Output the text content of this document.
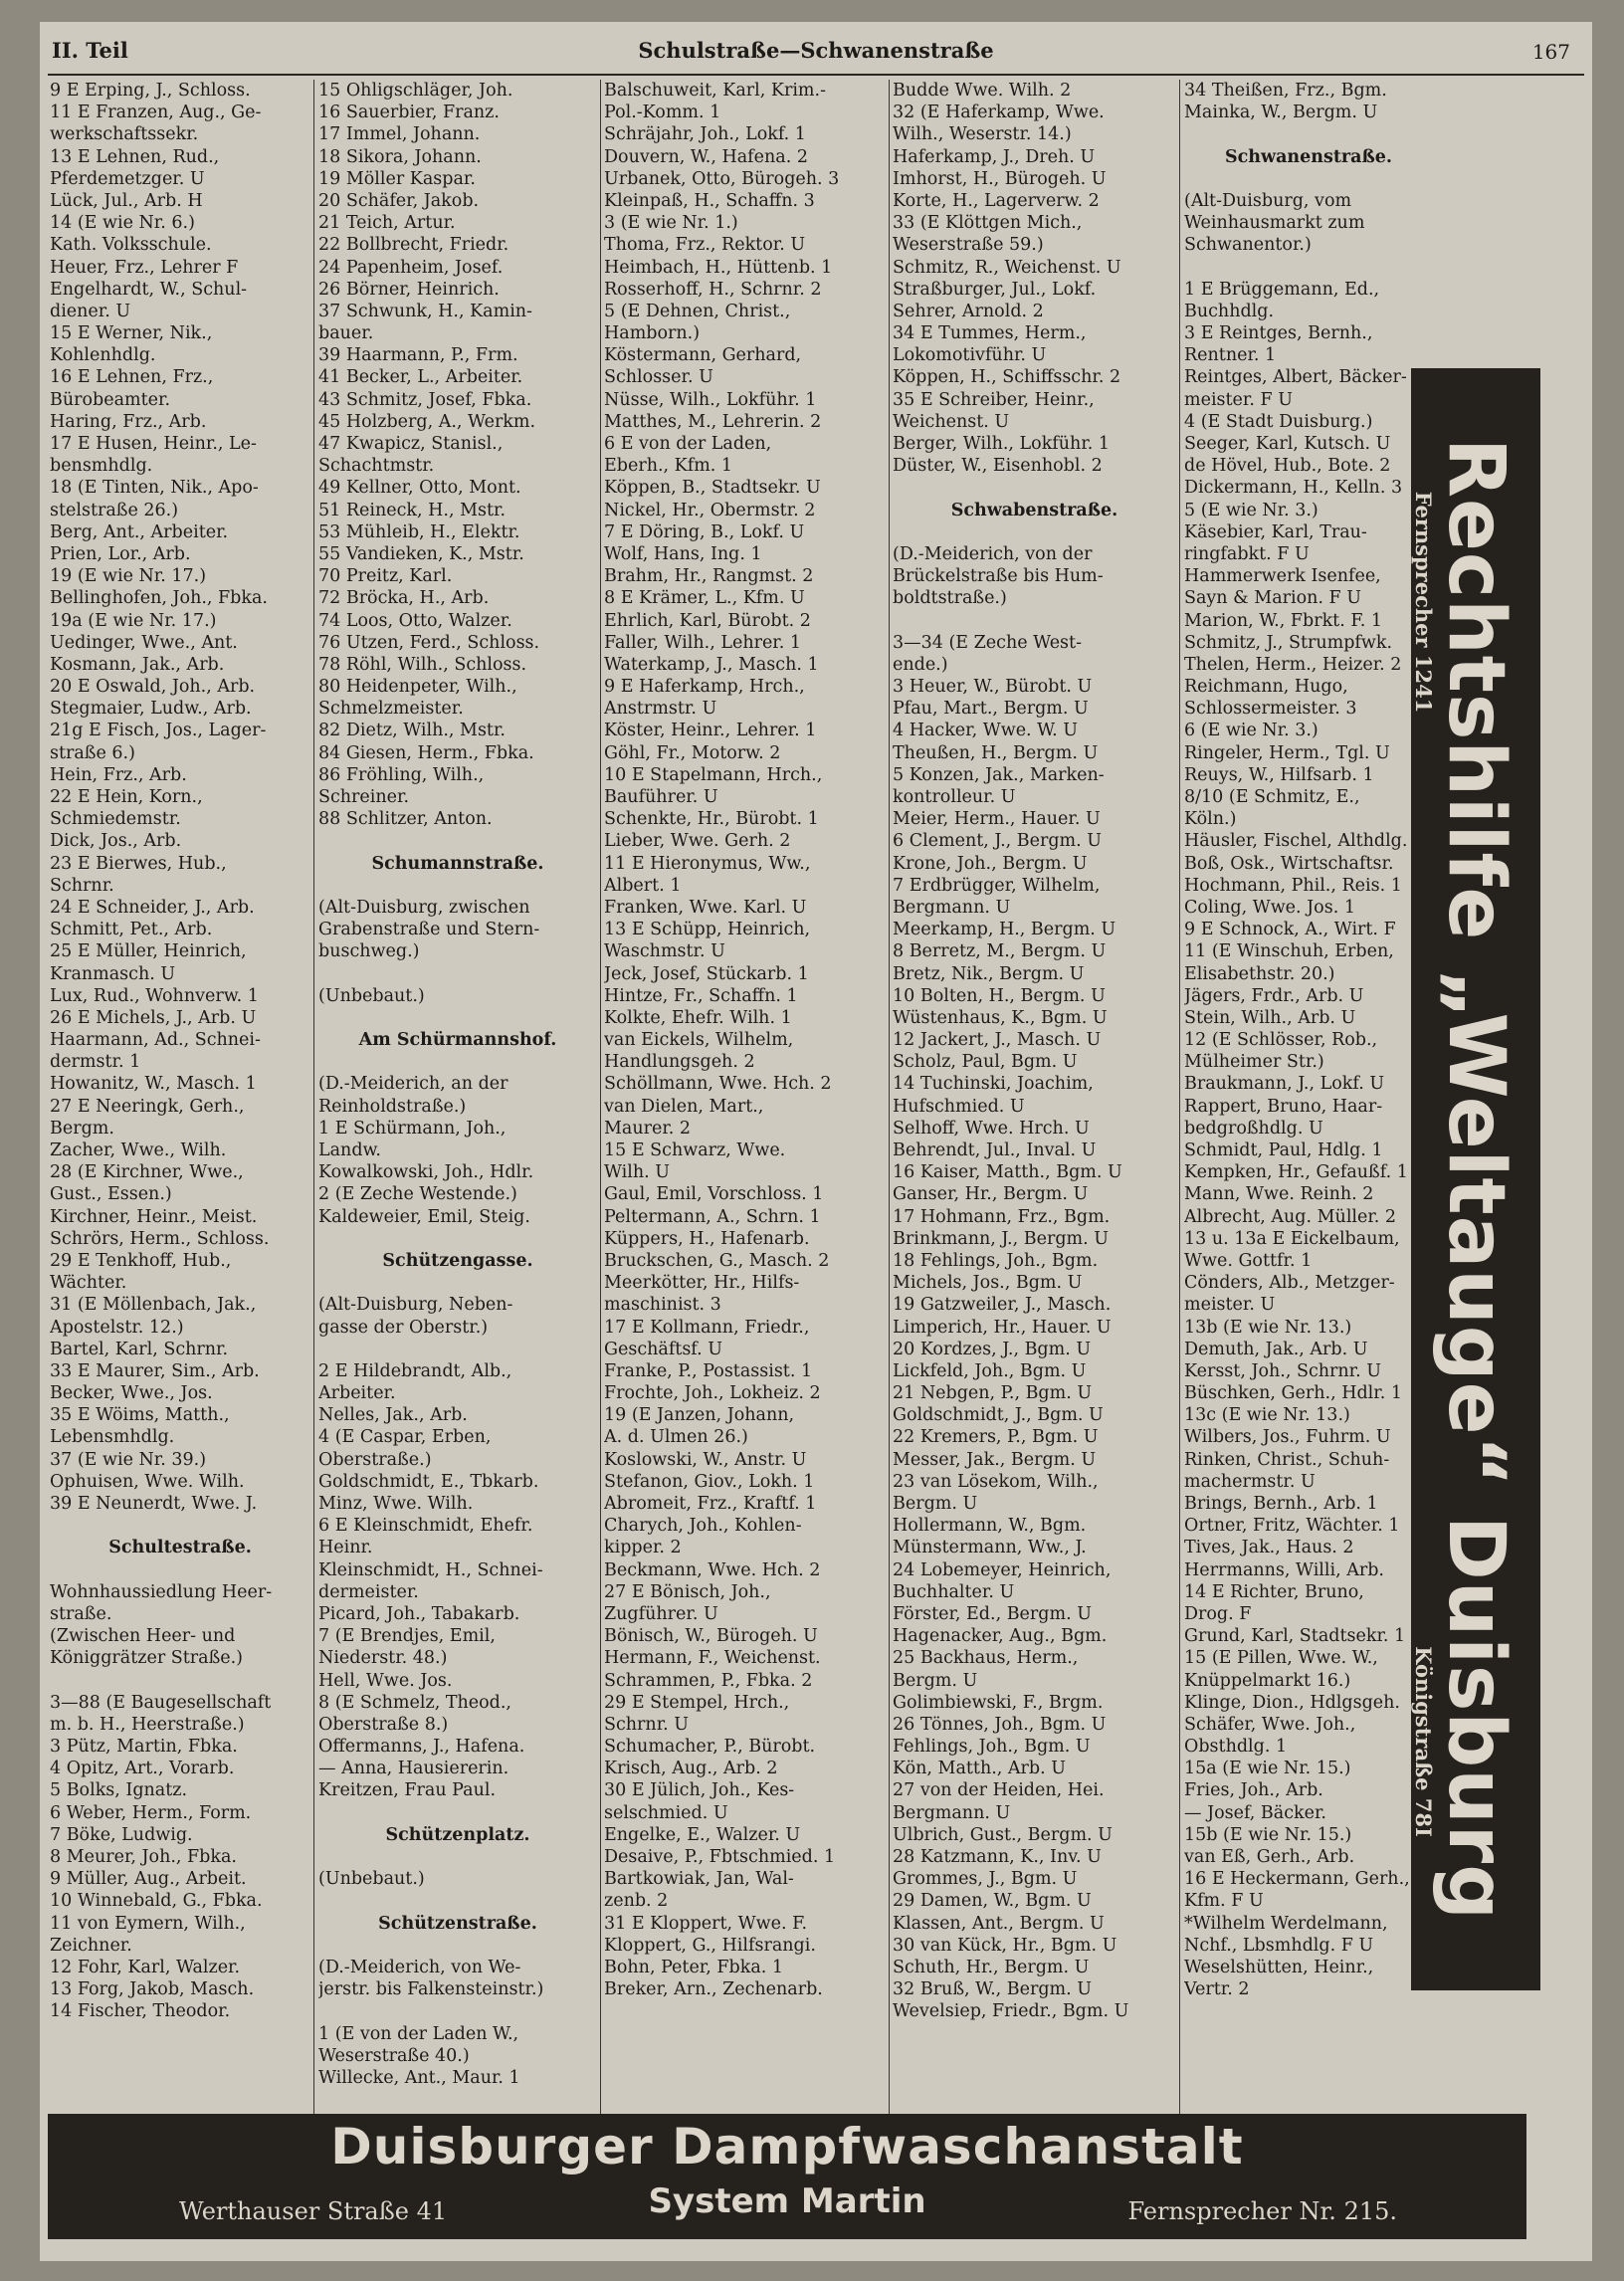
II. Teil	Schulstraße—Schwanenstraße	167
9 E Erping, J., Schloss.
11 E Franzen, Aug., Ge-
werkschaftssekr.
13 E Lehnen, Rud.,
Pferdemetzger. U
Lück, Jul., Arb. H
14 (E wie Nr. 6.)
Kath. Volksschule.
Heuer, Frz., Lehrer F
Engelhardt, W., Schul-
diener. U
15 E Werner, Nik.,
Kohlenhdlg.
16 E Lehnen, Frz.,
Bürobeamter.
Haring, Frz., Arb.
17 E Husen, Heinr., Le-
bensmhdlg.
18 (E Tinten, Nik., Apo-
stelstraße 26.)
Berg, Ant., Arbeiter.
Prien, Lor., Arb.
19 (E wie Nr. 17.)
Bellinghofen, Joh., Fbka.
19a (E wie Nr. 17.)
Uedinger, Wwe., Ant.
Kosmann, Jak., Arb.
20 E Oswald, Joh., Arb.
Stegmaier, Ludw., Arb.
21g E Fisch, Jos., Lager-
straße 6.)
Hein, Frz., Arb.
22 E Hein, Korn.,
Schmiedemstr.
Dick, Jos., Arb.
23 E Bierwes, Hub.,
Schrnr.
24 E Schneider, J., Arb.
Schmitt, Pet., Arb.
25 E Müller, Heinrich,
Kranmasch. U
Lux, Rud., Wohnverw. 1
26 E Michels, J., Arb. U
Haarmann, Ad., Schnei-
dermstr. 1
Howanitz, W., Masch. 1
27 E Neeringk, Gerh.,
Bergm.
Zacher, Wwe., Wilh.
28 (E Kirchner, Wwe.,
Gust., Essen.)
Kirchner, Heinr., Meist.
Schrörs, Herm., Schloss.
29 E Tenkhoff, Hub.,
Wächter.
31 (E Möllenbach, Jak.,
Apostelstr. 12.)
Bartel, Karl, Schrnr.
33 E Maurer, Sim., Arb.
Becker, Wwe., Jos.
35 E Wöims, Matth.,
Lebensmhdlg.
37 (E wie Nr. 39.)
Ophuisen, Wwe. Wilh.
39 E Neunerdt, Wwe. J.
Schultestraße.
Wohnhaussiedlung Heer-
straße.
(Zwischen Heer- und
Königgrätzer Straße.)
3—88 (E Baugesellschaft
m. b. H., Heerstraße.)
3 Pütz, Martin, Fbka.
4 Opitz, Art., Vorarb.
5 Bolks, Ignatz.
6 Weber, Herm., Form.
7 Böke, Ludwig.
8 Meurer, Joh., Fbka.
9 Müller, Aug., Arbeit.
10 Winnebald, G., Fbka.
11 von Eymern, Wilh.,
Zeichner.
12 Fohr, Karl, Walzer.
13 Forg, Jakob, Masch.
14 Fischer, Theodor.
15 Ohligschläger, Joh.
16 Sauerbier, Franz.
17 Immel, Johann.
18 Sikora, Johann.
19 Möller Kaspar.
20 Schäfer, Jakob.
21 Teich, Artur.
22 Bollbrecht, Friedr.
24 Papenheim, Josef.
26 Börner, Heinrich.
37 Schwunk, H., Kamin-
bauer.
39 Haarmann, P., Frm.
41 Becker, L., Arbeiter.
43 Schmitz, Josef, Fbka.
45 Holzberg, A., Werkm.
47 Kwapicz, Stanisl.,
Schachtmstr.
49 Kellner, Otto, Mont.
51 Reineck, H., Mstr.
53 Mühleib, H., Elektr.
55 Vandieken, K., Mstr.
70 Preitz, Karl.
72 Bröcka, H., Arb.
74 Loos, Otto, Walzer.
76 Utzen, Ferd., Schloss.
78 Röhl, Wilh., Schloss.
80 Heidenpeter, Wilh.,
Schmelzmeister.
82 Dietz, Wilh., Mstr.
84 Giesen, Herm., Fbka.
86 Fröhling, Wilh.,
Schreiner.
88 Schlitzer, Anton.
Schumannstraße.
(Alt-Duisburg, zwischen
Grabenstraße und Stern-
buschweg.)
(Unbebaut.)
Am Schürmannshof.
(D.-Meiderich, an der
Reinholdstraße.)
1 E Schürmann, Joh.,
Landw.
Kowalkowski, Joh., Hdlr.
2 (E Zeche Westende.)
Kaldeweier, Emil, Steig.
Schützengasse.
(Alt-Duisburg, Neben-
gasse der Oberstr.)
2 E Hildebrandt, Alb.,
Arbeiter.
Nelles, Jak., Arb.
4 (E Caspar, Erben,
Oberstraße.)
Goldschmidt, E., Tbkarb.
Minz, Wwe. Wilh.
6 E Kleinschmidt, Ehefr.
Heinr.
Kleinschmidt, H., Schnei-
dermeister.
Picard, Joh., Tabakarb.
7 (E Brendjes, Emil,
Niederstr. 48.)
Hell, Wwe. Jos.
8 (E Schmelz, Theod.,
Oberstraße 8.)
Offermanns, J., Hafena.
— Anna, Hausiererin.
Kreitzen, Frau Paul.
Schützenplatz.
(Unbebaut.)
Schützenstraße.
(D.-Meiderich, von We-
jerstr. bis Falkensteinstr.)
1 (E von der Laden W.,
Weserstraße 40.)
Willecke, Ant., Maur. 1
Balschuweit, Karl, Krim.-
Pol.-Komm. 1
Schräjahr, Joh., Lokf. 1
Douvern, W., Hafena. 2
Urbanek, Otto, Bürogeh. 3
Kleinpaß, H., Schaffn. 3
3 (E wie Nr. 1.)
Thoma, Frz., Rektor. U
Heimbach, H., Hüttenb. 1
Rosserhoff, H., Schrnr. 2
5 (E Dehnen, Christ.,
Hamborn.)
Köstermann, Gerhard,
Schlosser. U
Nüsse, Wilh., Lokführ. 1
Matthes, M., Lehrerin. 2
6 E von der Laden,
Eberh., Kfm. 1
Köppen, B., Stadtsekr. U
Nickel, Hr., Obermstr. 2
7 E Döring, B., Lokf. U
Wolf, Hans, Ing. 1
Brahm, Hr., Rangmst. 2
8 E Krämer, L., Kfm. U
Ehrlich, Karl, Bürobt. 2
Faller, Wilh., Lehrer. 1
Waterkamp, J., Masch. 1
9 E Haferkamp, Hrch.,
Anstrmstr. U
Köster, Heinr., Lehrer. 1
Göhl, Fr., Motorw. 2
10 E Stapelmann, Hrch.,
Bauführer. U
Schenkte, Hr., Bürobt. 1
Lieber, Wwe. Gerh. 2
11 E Hieronymus, Ww.,
Albert. 1
Franken, Wwe. Karl. U
13 E Schüpp, Heinrich,
Waschmstr. U
Jeck, Josef, Stückarb. 1
Hintze, Fr., Schaffn. 1
Kolkte, Ehefr. Wilh. 1
van Eickels, Wilhelm,
Handlungsgeh. 2
Schöllmann, Wwe. Hch. 2
van Dielen, Mart.,
Maurer. 2
15 E Schwarz, Wwe.
Wilh. U
Gaul, Emil, Vorschloss. 1
Peltermann, A., Schrn. 1
Küppers, H., Hafenarb.
Bruckschen, G., Masch. 2
Meerkötter, Hr., Hilfs-
maschinist. 3
17 E Kollmann, Friedr.,
Geschäftsf. U
Franke, P., Postassist. 1
Frochte, Joh., Lokheiz. 2
19 (E Janzen, Johann,
A. d. Ulmen 26.)
Koslowski, W., Anstr. U
Stefanon, Giov., Lokh. 1
Abromeit, Frz., Kraftf. 1
Charych, Joh., Kohlen-
kipper. 2
Beckmann, Wwe. Hch. 2
27 E Bönisch, Joh.,
Zugführer. U
Bönisch, W., Bürogeh. U
Hermann, F., Weichenst.
Schrammen, P., Fbka. 2
29 E Stempel, Hrch.,
Schrnr. U
Schumacher, P., Bürobt.
Krisch, Aug., Arb. 2
30 E Jülich, Joh., Kes-
selschmied. U
Engelke, E., Walzer. U
Desaive, P., Fbtschmied. 1
Bartkowiak, Jan, Wal-
zenb. 2
31 E Kloppert, Wwe. F.
Kloppert, G., Hilfsrangi.
Bohn, Peter, Fbka. 1
Breker, Arn., Zechenarb.
Budde Wwe. Wilh. 2
32 (E Haferkamp, Wwe.
Wilh., Weserstr. 14.)
Haferkamp, J., Dreh. U
Imhorst, H., Bürogeh. U
Korte, H., Lagerverw. 2
33 (E Klöttgen Mich.,
Weserstraße 59.)
Schmitz, R., Weichenst. U
Straßburger, Jul., Lokf.
Sehrer, Arnold. 2
34 E Tummes, Herm.,
Lokomotivführ. U
Köppen, H., Schiffsschr. 2
35 E Schreiber, Heinr.,
Weichenst. U
Berger, Wilh., Lokführ. 1
Düster, W., Eisenhobl. 2
Schwabenstraße.
(D.-Meiderich, von der
Brückelstraße bis Hum-
boldtstraße.)
3—34 (E Zeche West-
ende.)
3 Heuer, W., Bürobt. U
Pfau, Mart., Bergm. U
4 Hacker, Wwe. W. U
Theußen, H., Bergm. U
5 Konzen, Jak., Marken-
kontrolleur. U
Meier, Herm., Hauer. U
6 Clement, J., Bergm. U
Krone, Joh., Bergm. U
7 Erdbrügger, Wilhelm,
Bergmann. U
Meerkamp, H., Bergm. U
8 Berretz, M., Bergm. U
Bretz, Nik., Bergm. U
10 Bolten, H., Bergm. U
Wüstenhaus, K., Bgm. U
12 Jackert, J., Masch. U
Scholz, Paul, Bgm. U
14 Tuchinski, Joachim,
Hufschmied. U
Selhoff, Wwe. Hrch. U
Behrendt, Jul., Inval. U
16 Kaiser, Matth., Bgm. U
Ganser, Hr., Bergm. U
17 Hohmann, Frz., Bgm.
Brinkmann, J., Bergm. U
18 Fehlings, Joh., Bgm.
Michels, Jos., Bgm. U
19 Gatzweiler, J., Masch.
Limperich, Hr., Hauer. U
20 Kordzes, J., Bgm. U
Lickfeld, Joh., Bgm. U
21 Nebgen, P., Bgm. U
Goldschmidt, J., Bgm. U
22 Kremers, P., Bgm. U
Messer, Jak., Bergm. U
23 van Lösekom, Wilh.,
Bergm. U
Hollermann, W., Bgm.
Münstermann, Ww., J.
24 Lobemeyer, Heinrich,
Buchhalter. U
Förster, Ed., Bergm. U
Hagenacker, Aug., Bgm.
25 Backhaus, Herm.,
Bergm. U
Golimbiewski, F., Brgm.
26 Tönnes, Joh., Bgm. U
Fehlings, Joh., Bgm. U
Kön, Matth., Arb. U
27 von der Heiden, Hei.
Bergmann. U
Ulbrich, Gust., Bergm. U
28 Katzmann, K., Inv. U
Grommes, J., Bgm. U
29 Damen, W., Bgm. U
Klassen, Ant., Bergm. U
30 van Kück, Hr., Bgm. U
Schuth, Hr., Bergm. U
32 Bruß, W., Bergm. U
Wevelsiep, Friedr., Bgm. U
34 Theißen, Frz., Bgm.
Mainka, W., Bergm. U
Schwanenstraße.
(Alt-Duisburg, vom
Weinhausmarkt zum
Schwanentor.)
1 E Brüggemann, Ed.,
Buchhdlg.
3 E Reintges, Bernh.,
Rentner. 1
Reintges, Albert, Bäcker-
meister. F U
4 (E Stadt Duisburg.)
Seeger, Karl, Kutsch. U
de Hövel, Hub., Bote. 2
Dickermann, H., Kelln. 3
5 (E wie Nr. 3.)
Käsebier, Karl, Trau-
ringfabkt. F U
Hammerwerk Isenfee,
Sayn & Marion. F U
Marion, W., Fbrkt. F. 1
Schmitz, J., Strumpfwk.
Thelen, Herm., Heizer. 2
Reichmann, Hugo,
Schlossermeister. 3
6 (E wie Nr. 3.)
Ringeler, Herm., Tgl. U
Reuys, W., Hilfsarb. 1
8/10 (E Schmitz, E.,
Köln.)
Häusler, Fischel, Althdlg.
Boß, Osk., Wirtschaftsr.
Hochmann, Phil., Reis. 1
Coling, Wwe. Jos. 1
9 E Schnock, A., Wirt. F
11 (E Winschuh, Erben,
Elisabethstr. 20.)
Jägers, Frdr., Arb. U
Stein, Wilh., Arb. U
12 (E Schlösser, Rob.,
Mülheimer Str.)
Braukmann, J., Lokf. U
Rappert, Bruno, Haar-
bedgroßhdlg. U
Schmidt, Paul, Hdlg. 1
Kempken, Hr., Gefaußf. 1
Mann, Wwe. Reinh. 2
Albrecht, Aug. Müller. 2
13 u. 13a E Eickelbaum,
Wwe. Gottfr. 1
Cönders, Alb., Metzger-
meister. U
13b (E wie Nr. 13.)
Demuth, Jak., Arb. U
Kersst, Joh., Schrnr. U
Büschken, Gerh., Hdlr. 1
13c (E wie Nr. 13.)
Wilbers, Jos., Fuhrm. U
Rinken, Christ., Schuh-
machermstr. U
Brings, Bernh., Arb. 1
Ortner, Fritz, Wächter. 1
Tives, Jak., Haus. 2
Herrmanns, Willi, Arb.
14 E Richter, Bruno,
Drog. F
Grund, Karl, Stadtsekr. 1
15 (E Pillen, Wwe. W.,
Knüppelmarkt 16.)
Klinge, Dion., Hdlgsgeh.
Schäfer, Wwe. Joh.,
Obsthdlg. 1
15a (E wie Nr. 15.)
Fries, Joh., Arb.
— Josef, Bäcker.
15b (E wie Nr. 15.)
van Eß, Gerh., Arb.
16 E Heckermann, Gerh.,
Kfm. F U
*Wilhelm Werdelmann,
Nchf., Lbsmhdlg. F U
Weselshütten, Heinr.,
Vertr. 2
Fernsprecher 1241
Rechtshilfe „Weltauge“ Duisburg
Königstraße 78I
Duisburger Dampfwaschanstalt
Werthauser Straße 41	System Martin	Fernsprecher Nr. 215.
